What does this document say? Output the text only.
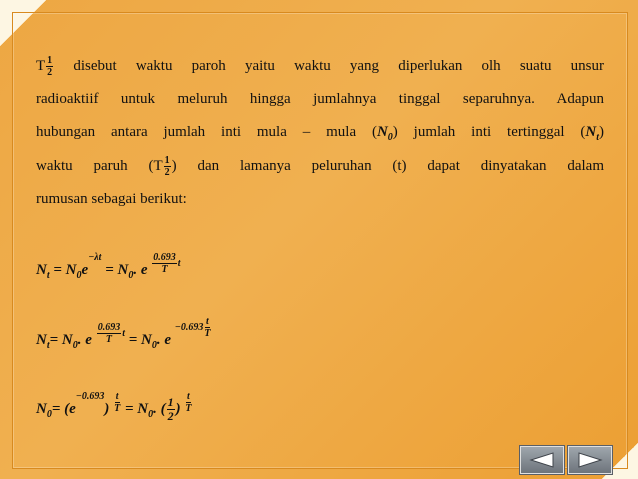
T $\frac{1}{2}$ disebut waktu paroh yaitu waktu yang diperlukan olh suatu unsur
radioaktiif untuk meluruh hingga jumlahnya tinggal separuhnya. Adapun
hubungan antara jumlah inti mula – mula $(N_0)$ jumlah inti tertinggal $(N_t)$
waktu paruh ($T \frac{1}{2}$ ) dan lamanya peluruhan (t) dapat dinyatakan dalam
rumusan sebagai berikut:
$N_t = N_0e-\lambda t = N_0$. e $\frac{0.693}{T}$ t
$N_t= N_0$. e $\frac{0.693}{T}$ $t = N_0$. e
$-0.693 \frac{t}{T}$
$N_0= (e-0.693) \frac{t}{T} = N_0$. ( $\frac{1}{2}$ ) $\frac{t}{T}$
